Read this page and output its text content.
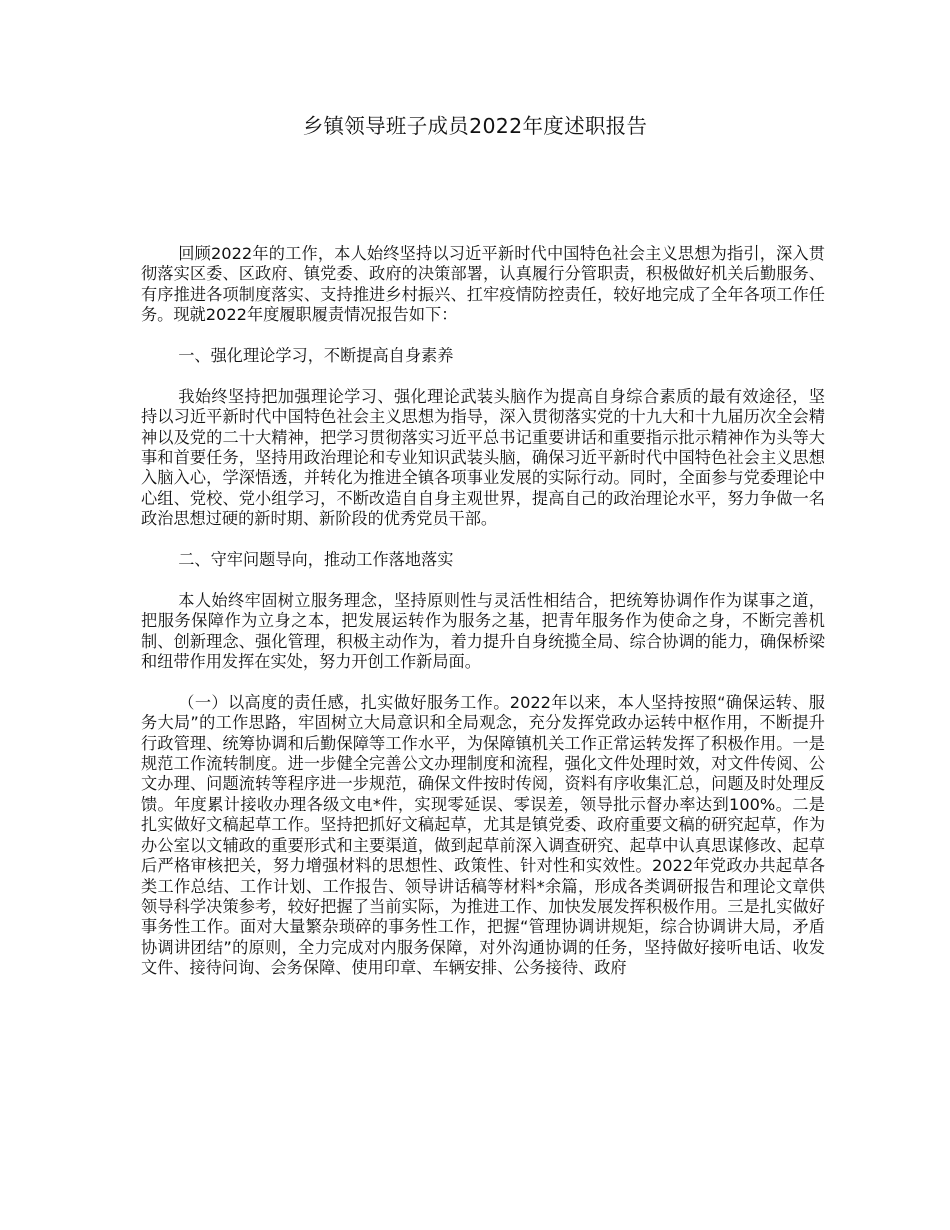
乡镇领导班子成员2022年度述职报告

回顾2022年的工作，本人始终坚持以习近平新时代中国特色社会主义思想为指引，深入贯彻落实区委、区政府、镇党委、政府的决策部署，认真履行分管职责，积极做好机关后勤服务、有序推进各项制度落实、支持推进乡村振兴、扛牢疫情防控责任，较好地完成了全年各项工作任务。现就2022年度履职履责情况报告如下：

一、强化理论学习，不断提高自身素养

我始终坚持把加强理论学习、强化理论武装头脑作为提高自身综合素质的最有效途径，坚持以习近平新时代中国特色社会主义思想为指导，深入贯彻落实党的十九大和十九届历次全会精神以及党的二十大精神，把学习贯彻落实习近平总书记重要讲话和重要指示批示精神作为头等大事和首要任务，坚持用政治理论和专业知识武装头脑，确保习近平新时代中国特色社会主义思想入脑入心，学深悟透，并转化为推进全镇各项事业发展的实际行动。同时，全面参与党委理论中心组、党校、党小组学习，不断改造自自身主观世界，提高自己的政治理论水平，努力争做一名政治思想过硬的新时期、新阶段的优秀党员干部。

二、守牢问题导向，推动工作落地落实

本人始终牢固树立服务理念，坚持原则性与灵活性相结合，把统筹协调作作为谋事之道，把服务保障作为立身之本，把发展运转作为服务之基，把青年服务作为使命之身，不断完善机制、创新理念、强化管理，积极主动作为，着力提升自身统揽全局、综合协调的能力，确保桥梁和纽带作用发挥在实处，努力开创工作新局面。

（一）以高度的责任感，扎实做好服务工作。2022年以来，本人坚持按照“确保运转、服务大局”的工作思路，牢固树立大局意识和全局观念，充分发挥党政办运转中枢作用，不断提升行政管理、统筹协调和后勤保障等工作水平，为保障镇机关工作正常运转发挥了积极作用。一是规范工作流转制度。进一步健全完善公文办理制度和流程，强化文件处理时效，对文件传阅、公文办理、问题流转等程序进一步规范，确保文件按时传阅，资料有序收集汇总，问题及时处理反馈。年度累计接收办理各级文电*件，实现零延误、零误差，领导批示督办率达到100%。二是扎实做好文稿起草工作。坚持把抓好文稿起草，尤其是镇党委、政府重要文稿的研究起草，作为办公室以文辅政的重要形式和主要渠道，做到起草前深入调查研究、起草中认真思谋修改、起草后严格审核把关，努力增强材料的思想性、政策性、针对性和实效性。2022年党政办共起草各类工作总结、工作计划、工作报告、领导讲话稿等材料*余篇，形成各类调研报告和理论文章供领导科学决策参考，较好把握了当前实际，为推进工作、加快发展发挥积极作用。三是扎实做好事务性工作。面对大量繁杂琐碎的事务性工作，把握“管理协调讲规矩，综合协调讲大局，矛盾协调讲团结”的原则，全力完成对内服务保障，对外沟通协调的任务，坚持做好接听电话、收发文件、接待问询、会务保障、使用印章、车辆安排、公务接待、政府
